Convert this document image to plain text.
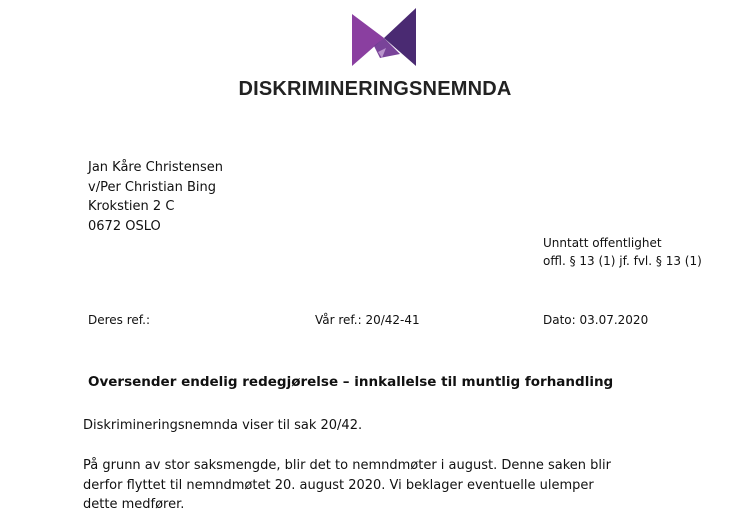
DISKRIMINERINGSNEMNDA
Jan Kåre Christensen
v/Per Christian Bing
Krokstien 2 C
0672 OSLO
Unntatt offentlighet
offl. § 13 (1) jf. fvl. § 13 (1)
Deres ref.:	Vår ref.: 20/42-41	Dato: 03.07.2020
Oversender endelig redegjørelse – innkallelse til muntlig forhandling
Diskrimineringsnemnda viser til sak 20/42.
På grunn av stor saksmengde, blir det to nemndmøter i august. Denne saken blir
derfor flyttet til nemndmøtet 20. august 2020. Vi beklager eventuelle ulemper
dette medfører.
